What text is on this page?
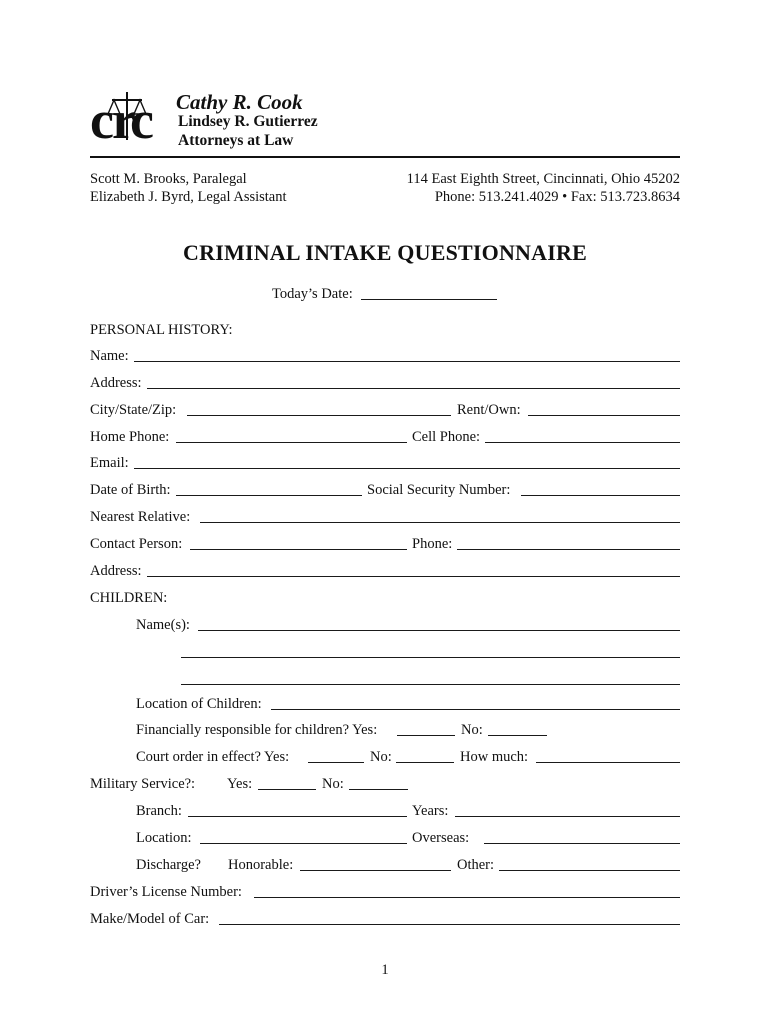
c
r
c Cathy R. Cook
Lindsey R. Gutierrez
Attorneys at Law
Scott M. Brooks, Paralegal
Elizabeth J. Byrd, Legal Assistant
114 East Eighth Street, Cincinnati, Ohio 45202
Phone: 513.241.4029 • Fax: 513.723.8634
CRIMINAL INTAKE QUESTIONNAIRE
Today’s Date:
PERSONAL HISTORY:
Name:
Address:
City/State/Zip:	Rent/Own:
Home Phone:	Cell Phone:
Email:
Date of Birth:	Social Security Number:
Nearest Relative:
Contact Person:	Phone:
Address:
CHILDREN:
Name(s):
Location of Children:
Financially responsible for children? Yes:	No:
Court order in effect? Yes:	No:	How much:
Military Service?: Yes:	No:
Branch:	Years:
Location:	Overseas:
Discharge? Honorable:	Other:
Driver’s License Number:
Make/Model of Car:
1
